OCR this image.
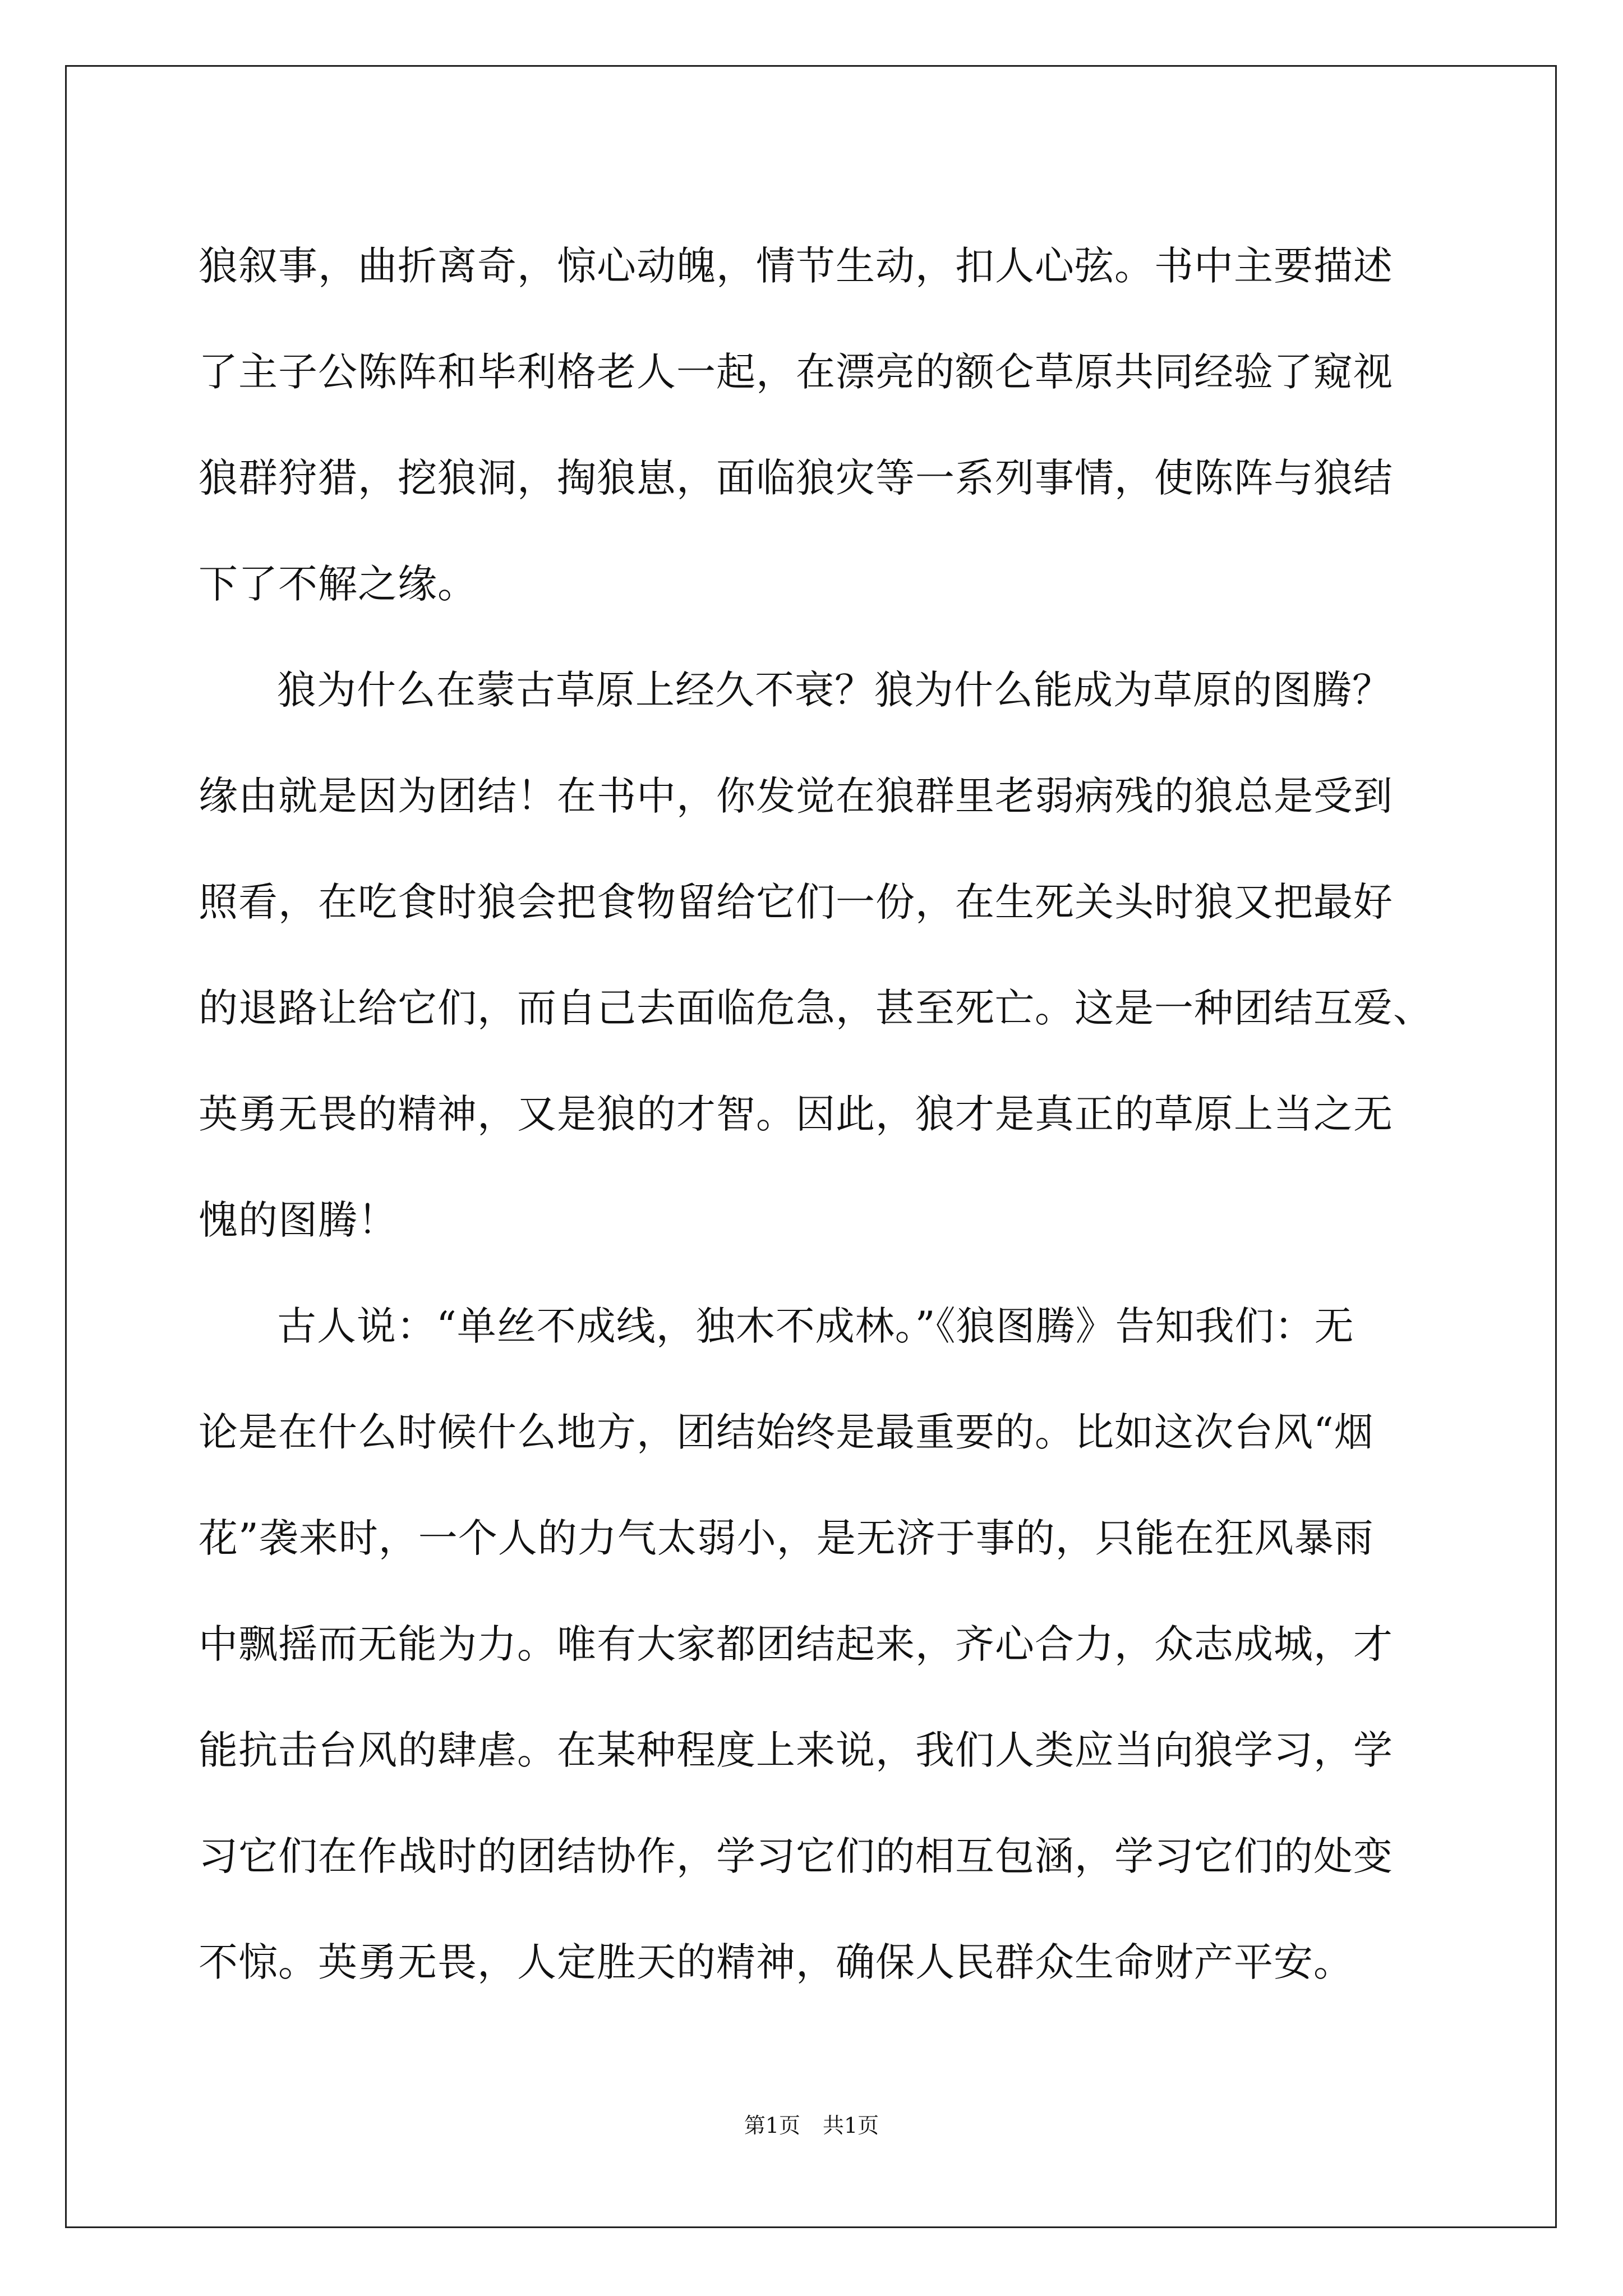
狼叙事，曲折离奇，惊心动魄，情节生动，扣人心弦。书中主要描述
了主子公陈阵和毕利格老人一起，在漂亮的额仑草原共同经验了窥视
狼群狩猎，挖狼洞，掏狼崽，面临狼灾等一系列事情，使陈阵与狼结
下了不解之缘。
狼为什么在蒙古草原上经久不衰？狼为什么能成为草原的图腾？
缘由就是因为团结！在书中，你发觉在狼群里老弱病残的狼总是受到
照看，在吃食时狼会把食物留给它们一份，在生死关头时狼又把最好
的退路让给它们，而自己去面临危急，甚至死亡。这是一种团结互爱、
英勇无畏的精神，又是狼的才智。因此，狼才是真正的草原上当之无
愧的图腾！
古人说：“单丝不成线，独木不成林。”《狼图腾》告知我们：无
论是在什么时候什么地方，团结始终是最重要的。比如这次台风“烟
花”袭来时，一个人的力气太弱小，是无济于事的，只能在狂风暴雨
中飘摇而无能为力。唯有大家都团结起来，齐心合力，众志成城，才
能抗击台风的肆虐。在某种程度上来说，我们人类应当向狼学习，学
习它们在作战时的团结协作，学习它们的相互包涵，学习它们的处变
不惊。英勇无畏，人定胜天的精神，确保人民群众生命财产平安。
第1页 共1页
